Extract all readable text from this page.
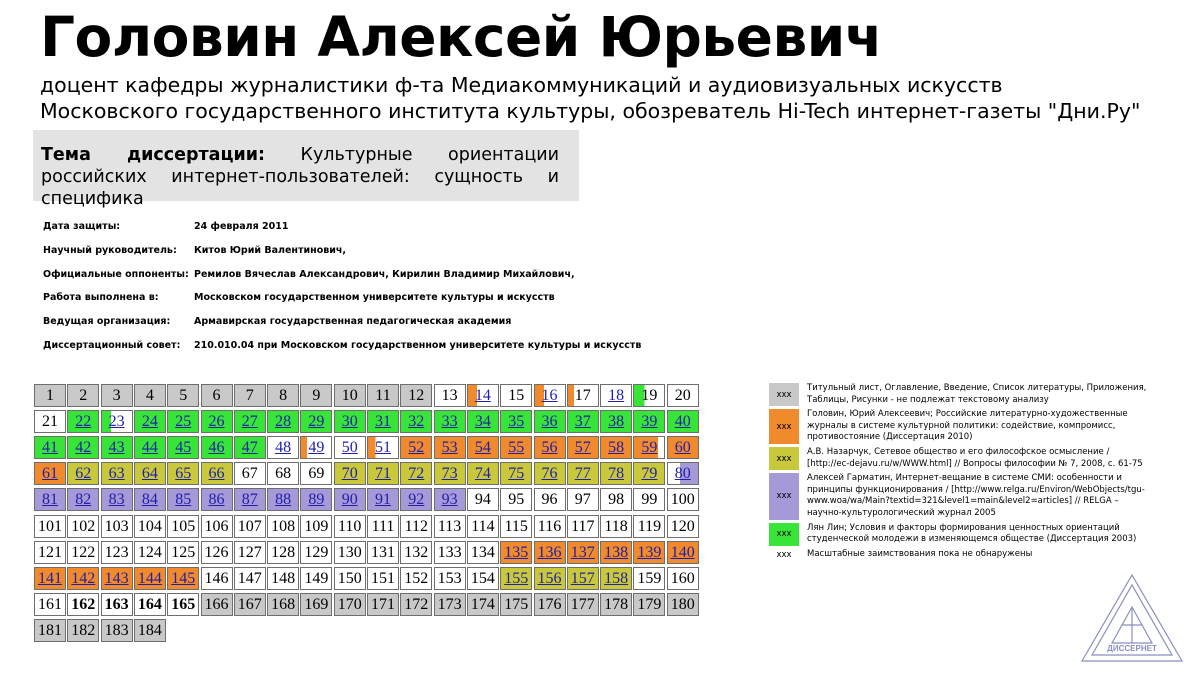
Головин Алексей Юрьевич
доцент кафедры журналистики ф-та Медиакоммуникаций и аудиовизуальных искусств
Московского государственного института культуры, обозреватель Hi-Tech интернет-газеты "Дни.Ру"
Тема диссертации: Культурные ориентации российских интернет-пользователей: сущность и специфика
Дата защиты:	24 февраля 2011
Научный руководитель: Китов Юрий Валентинович,
Официальные оппоненты: Ремилов Вячеслав Александрович, Кирилин Владимир Михайлович,
Работа выполнена в:	Московском государственном университете культуры и искусств
Ведущая организация: Армавирская государственная педагогическая академия
Диссертационный совет: 210.010.04 при Московском государственном университете культуры и искусств
1	2	3	4	5	6	7	8	9	10	11	12	13	14	15	16	17	18	19	20
21	22	23	24	25	26	27	28	29	30	31	32	33	34	35	36	37	38	39	40
41	42	43	44	45	46	47	48	49	50	51	52	53	54	55	56	57	58	59	60
61	62	63	64	65	66	67	68	69	70	71	72	73	74	75	76	77	78	79	80
81	82	83	84	85	86	87	88	89	90	91	92	93	94	95	96	97	98	99 100
101 102 103 104 105 106 107 108 109 110 111 112 113 114 115 116 117 118 119 120
121 122 123 124 125 126 127 128 129 130 131 132 133 134 135 136 137 138 139 140
141 142 143 144 145 146 147 148 149 150 151 152 153 154 155 156 157 158 159 160
161 162 163 164 165 166 167 168 169 170 171 172 173 174 175 176 177 178 179 180
181 182 183 184
ххх
Титульный лист, Оглавление, Введение, Список литературы, Приложения, Таблицы, Рисунки - не подлежат текстовому анализу
ххх
Головин, Юрий Алексеевич; Российские литературно-художественные журналы в системе культурной политики: содействие, компромисс, противостояние (Диссертация 2010)
ххх
А.В. Назарчук, Сетевое общество и его философское осмысление / [http://ec-dejavu.ru/w/WWW.html] // Вопросы философии № 7, 2008, с. 61-75
ххх
Алексей Гарматин, Интернет-вещание в системе СМИ: особенности и принципы функционирования / [http://www.relga.ru/Environ/WebObjects/tgu-www.woa/wa/Main?textid=321&level1=main&level2=articles] // RELGA – научно-культурологический журнал 2005
ххх
Лян Лин; Условия и факторы формирования ценностных ориентаций студенческой молодежи в изменяющемся обществе (Диссертация 2003)
ххх	Масштабные заимствования пока не обнаружены
ДИССЕРНЕТ
